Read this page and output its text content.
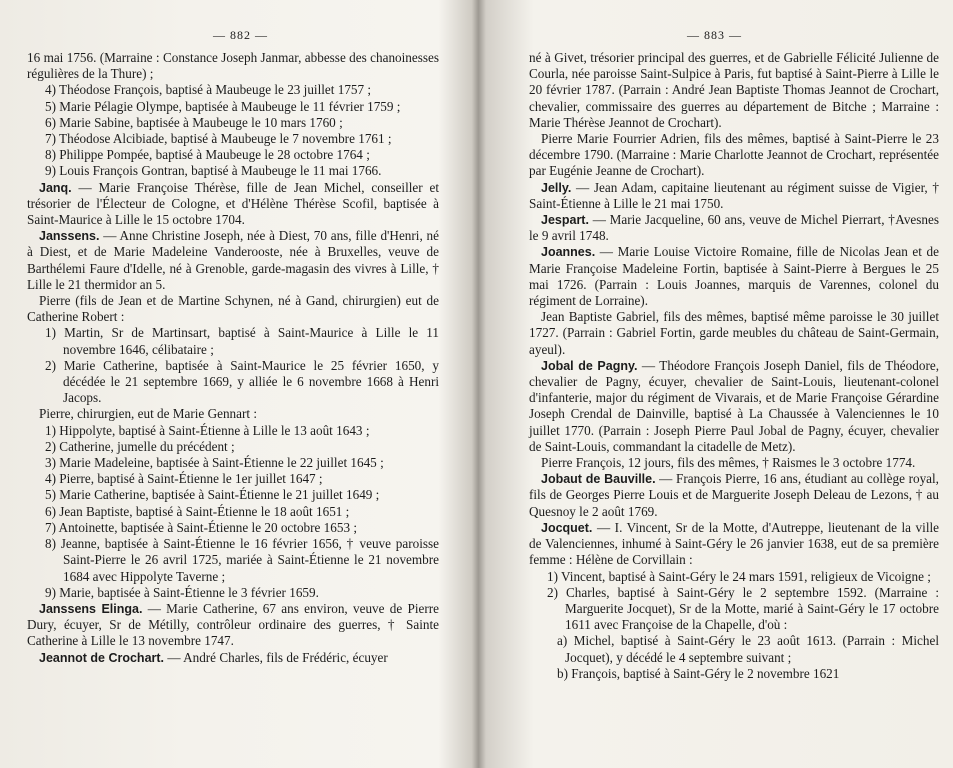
— 882 —

16 mai 1756. (Marraine : Constance Joseph Janmar, abbesse des chanoinesses régulières de la Thure) ;

4) Théodose François, baptisé à Maubeuge le 23 juillet 1757 ;

5) Marie Pélagie Olympe, baptisée à Maubeuge le 11 février 1759 ;

6) Marie Sabine, baptisée à Maubeuge le 10 mars 1760 ;

7) Théodose Alcibiade, baptisé à Maubeuge le 7 novembre 1761 ;

8) Philippe Pompée, baptisé à Maubeuge le 28 octobre 1764 ;

9) Louis François Gontran, baptisé à Maubeuge le 11 mai 1766.

Janq. — Marie Françoise Thérèse, fille de Jean Michel, conseiller et trésorier de l'Électeur de Cologne, et d'Hélène Thérèse Scofil, baptisée à Saint-Maurice à Lille le 15 octobre 1704.

Janssens. — Anne Christine Joseph, née à Diest, 70 ans, fille d'Henri, né à Diest, et de Marie Madeleine Vanderooste, née à Bruxelles, veuve de Barthélemi Faure d'Idelle, né à Grenoble, garde-magasin des vivres à Lille, † Lille le 21 thermidor an 5.

Pierre (fils de Jean et de Martine Schynen, né à Gand, chirurgien) eut de Catherine Robert :

1) Martin, Sr de Martinsart, baptisé à Saint-Maurice à Lille le 11 novembre 1646, célibataire ;

2) Marie Catherine, baptisée à Saint-Maurice le 25 février 1650, y décédée le 21 septembre 1669, y alliée le 6 novembre 1668 à Henri Jacops.

Pierre, chirurgien, eut de Marie Gennart :

1) Hippolyte, baptisé à Saint-Étienne à Lille le 13 août 1643 ;

2) Catherine, jumelle du précédent ;

3) Marie Madeleine, baptisée à Saint-Étienne le 22 juillet 1645 ;

4) Pierre, baptisé à Saint-Étienne le 1er juillet 1647 ;

5) Marie Catherine, baptisée à Saint-Étienne le 21 juillet 1649 ;

6) Jean Baptiste, baptisé à Saint-Étienne le 18 août 1651 ;

7) Antoinette, baptisée à Saint-Étienne le 20 octobre 1653 ;

8) Jeanne, baptisée à Saint-Étienne le 16 février 1656, † veuve paroisse Saint-Pierre le 26 avril 1725, mariée à Saint-Étienne le 21 novembre 1684 avec Hippolyte Taverne ;

9) Marie, baptisée à Saint-Étienne le 3 février 1659.

Janssens Elinga. — Marie Catherine, 67 ans environ, veuve de Pierre Dury, écuyer, Sr de Métilly, contrôleur ordinaire des guerres, † Sainte Catherine à Lille le 13 novembre 1747.

Jeannot de Crochart. — André Charles, fils de Frédéric, écuyer

— 883 —

né à Givet, trésorier principal des guerres, et de Gabrielle Félicité Julienne de Courla, née paroisse Saint-Sulpice à Paris, fut baptisé à Saint-Pierre à Lille le 20 février 1787. (Parrain : André Jean Baptiste Thomas Jeannot de Crochart, chevalier, commissaire des guerres au département de Bitche ; Marraine : Marie Thérèse Jeannot de Crochart).

Pierre Marie Fourrier Adrien, fils des mêmes, baptisé à Saint-Pierre le 23 décembre 1790. (Marraine : Marie Charlotte Jeannot de Crochart, représentée par Eugénie Jeanne de Crochart).

Jelly. — Jean Adam, capitaine lieutenant au régiment suisse de Vigier, † Saint-Étienne à Lille le 21 mai 1750.

Jespart. — Marie Jacqueline, 60 ans, veuve de Michel Pierrart, †Avesnes le 9 avril 1748.

Joannes. — Marie Louise Victoire Romaine, fille de Nicolas Jean et de Marie Françoise Madeleine Fortin, baptisée à Saint-Pierre à Bergues le 25 mai 1726. (Parrain : Louis Joannes, marquis de Varennes, colonel du régiment de Lorraine).

Jean Baptiste Gabriel, fils des mêmes, baptisé même paroisse le 30 juillet 1727. (Parrain : Gabriel Fortin, garde meubles du château de Saint-Germain, ayeul).

Jobal de Pagny. — Théodore François Joseph Daniel, fils de Théodore, chevalier de Pagny, écuyer, chevalier de Saint-Louis, lieutenant-colonel d'infanterie, major du régiment de Vivarais, et de Marie Françoise Gérardine Joseph Crendal de Dainville, baptisé à La Chaussée à Valenciennes le 10 juillet 1770. (Parrain : Joseph Pierre Paul Jobal de Pagny, écuyer, chevalier de Saint-Louis, commandant la citadelle de Metz).

Pierre François, 12 jours, fils des mêmes, † Raismes le 3 octobre 1774.

Jobaut de Bauville. — François Pierre, 16 ans, étudiant au collège royal, fils de Georges Pierre Louis et de Marguerite Joseph Deleau de Lezons, † au Quesnoy le 2 août 1769.

Jocquet. — I. Vincent, Sr de la Motte, d'Autreppe, lieutenant de la ville de Valenciennes, inhumé à Saint-Géry le 26 janvier 1638, eut de sa première femme : Hélène de Corvillain :

1) Vincent, baptisé à Saint-Géry le 24 mars 1591, religieux de Vicoigne ;

2) Charles, baptisé à Saint-Géry le 2 septembre 1592. (Marraine : Marguerite Jocquet), Sr de la Motte, marié à Saint-Géry le 17 octobre 1611 avec Françoise de la Chapelle, d'où :

a) Michel, baptisé à Saint-Géry le 23 août 1613. (Parrain : Michel Jocquet), y décédé le 4 septembre suivant ;

b) François, baptisé à Saint-Géry le 2 novembre 1621
